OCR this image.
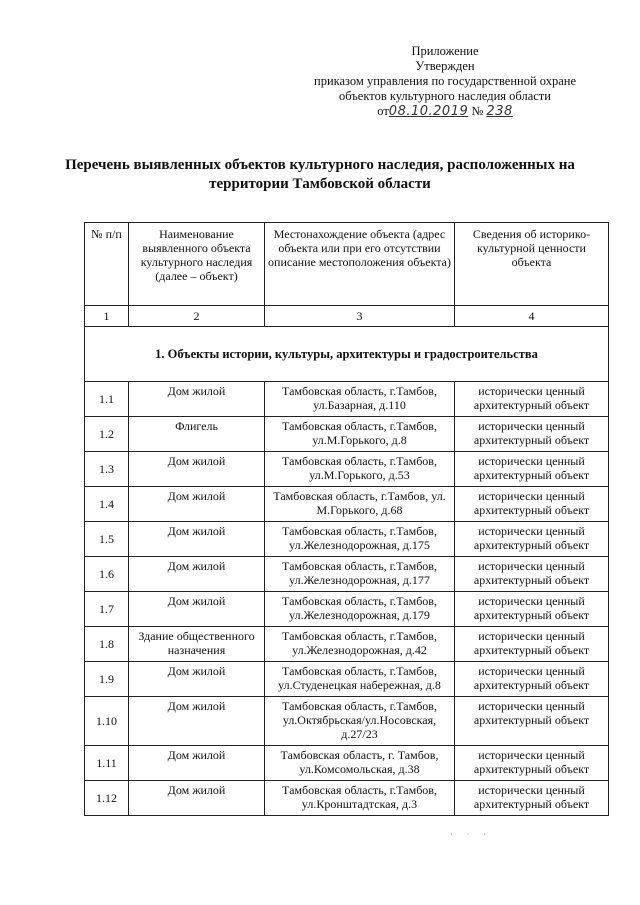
Приложение
Утвержден
приказом управления по государственной охране
объектов культурного наследия области
от08.10.2019 № 238
Перечень выявленных объектов культурного наследия, расположенных на территории Тамбовской области
№ п/п	Наименование выявленного объекта культурного наследия (далее – объект)	Местонахождение объекта (адрес объекта или при его отсутствии описание местоположения объекта)	Сведения об историко-культурной ценности объекта
1	2	3	4
1. Объекты истории, культуры, архитектуры и градостроительства			
1.1	Дом жилой	Тамбовская область, г.Тамбов, ул.Базарная, д.110	исторически ценный архитектурный объект
1.2	Флигель	Тамбовская область, г.Тамбов, ул.М.Горького, д.8	исторически ценный архитектурный объект
1.3	Дом жилой	Тамбовская область, г.Тамбов, ул.М.Горького, д.53	исторически ценный архитектурный объект
1.4	Дом жилой	Тамбовская область, г.Тамбов, ул. М.Горького, д.68	исторически ценный архитектурный объект
1.5	Дом жилой	Тамбовская область, г.Тамбов, ул.Железнодорожная, д.175	исторически ценный архитектурный объект
1.6	Дом жилой	Тамбовская область, г.Тамбов, ул.Железнодорожная, д.177	исторически ценный архитектурный объект
1.7	Дом жилой	Тамбовская область, г.Тамбов, ул.Железнодорожная, д.179	исторически ценный архитектурный объект
1.8	Здание общественного назначения	Тамбовская область, г.Тамбов, ул.Железнодорожная, д.42	исторически ценный архитектурный объект
1.9	Дом жилой	Тамбовская область, г.Тамбов, ул.Студенецкая набережная, д.8	исторически ценный архитектурный объект
1.10	Дом жилой	Тамбовская область, г.Тамбов, ул.Октябрьская/ул.Носовская, д.27/23	исторически ценный архитектурный объект
1.11	Дом жилой	Тамбовская область, г. Тамбов, ул.Комсомольская, д.38	исторически ценный архитектурный объект
1.12	Дом жилой	Тамбовская область, г.Тамбов, ул.Кронштадтская, д.3	исторически ценный архитектурный объект
· · ·
